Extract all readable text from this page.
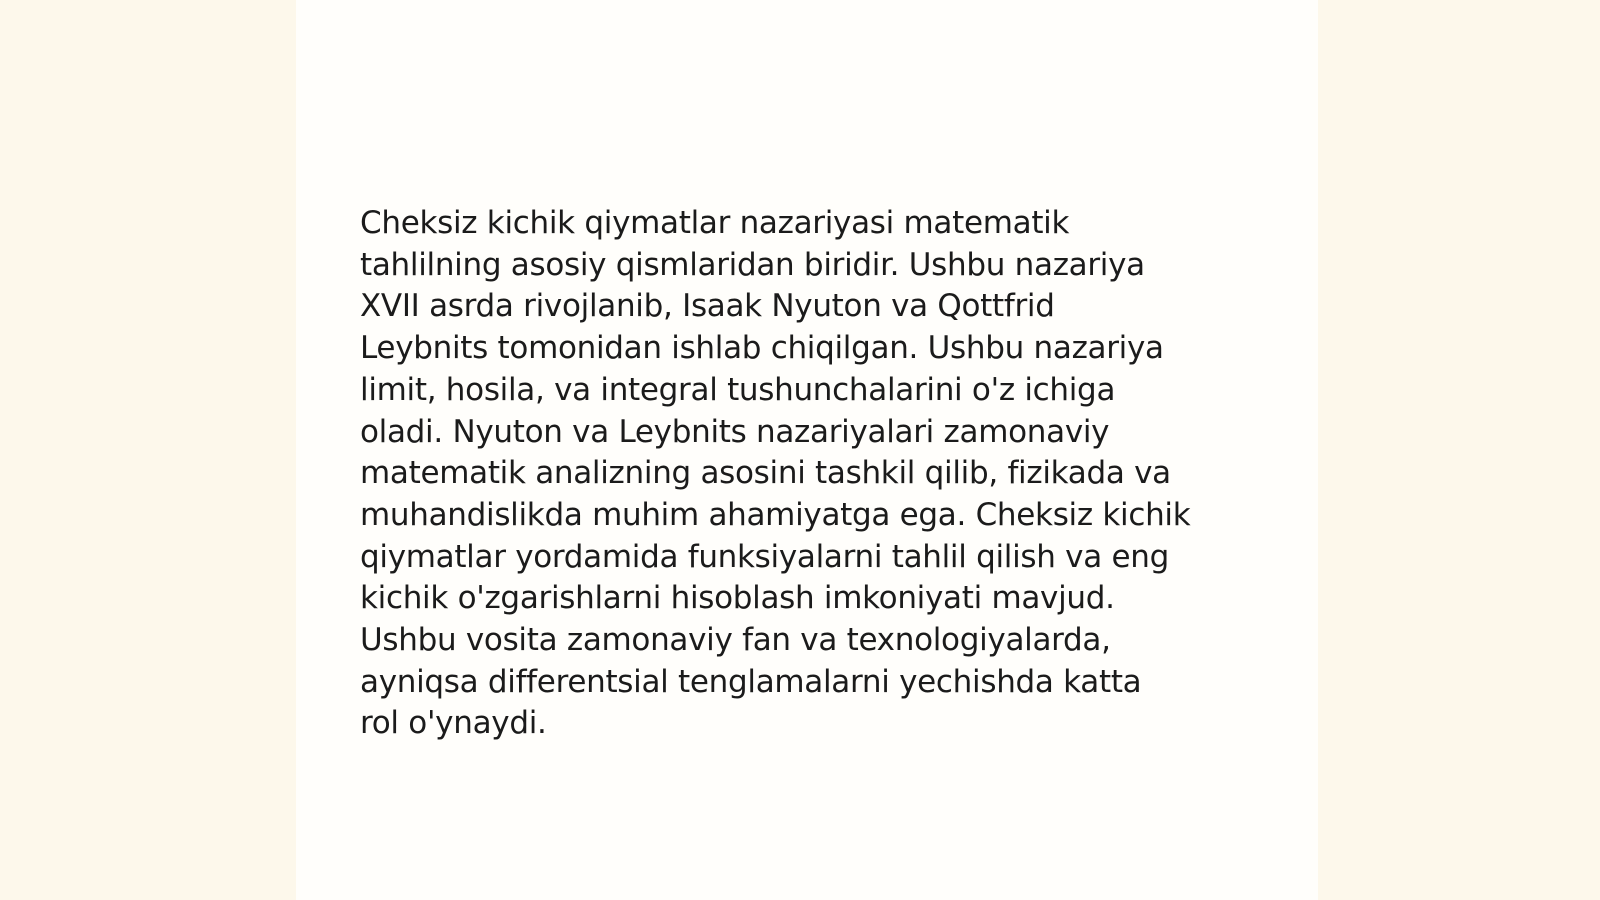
Cheksiz kichik qiymatlar nazariyasi matematik
tahlilning asosiy qismlaridan biridir. Ushbu nazariya
XVII asrda rivojlanib, Isaak Nyuton va Qottfrid
Leybnits tomonidan ishlab chiqilgan. Ushbu nazariya
limit, hosila, va integral tushunchalarini o'z ichiga
oladi. Nyuton va Leybnits nazariyalari zamonaviy
matematik analizning asosini tashkil qilib, fizikada va
muhandislikda muhim ahamiyatga ega. Cheksiz kichik
qiymatlar yordamida funksiyalarni tahlil qilish va eng
kichik o'zgarishlarni hisoblash imkoniyati mavjud.
Ushbu vosita zamonaviy fan va texnologiyalarda,
ayniqsa differentsial tenglamalarni yechishda katta
rol o'ynaydi.
